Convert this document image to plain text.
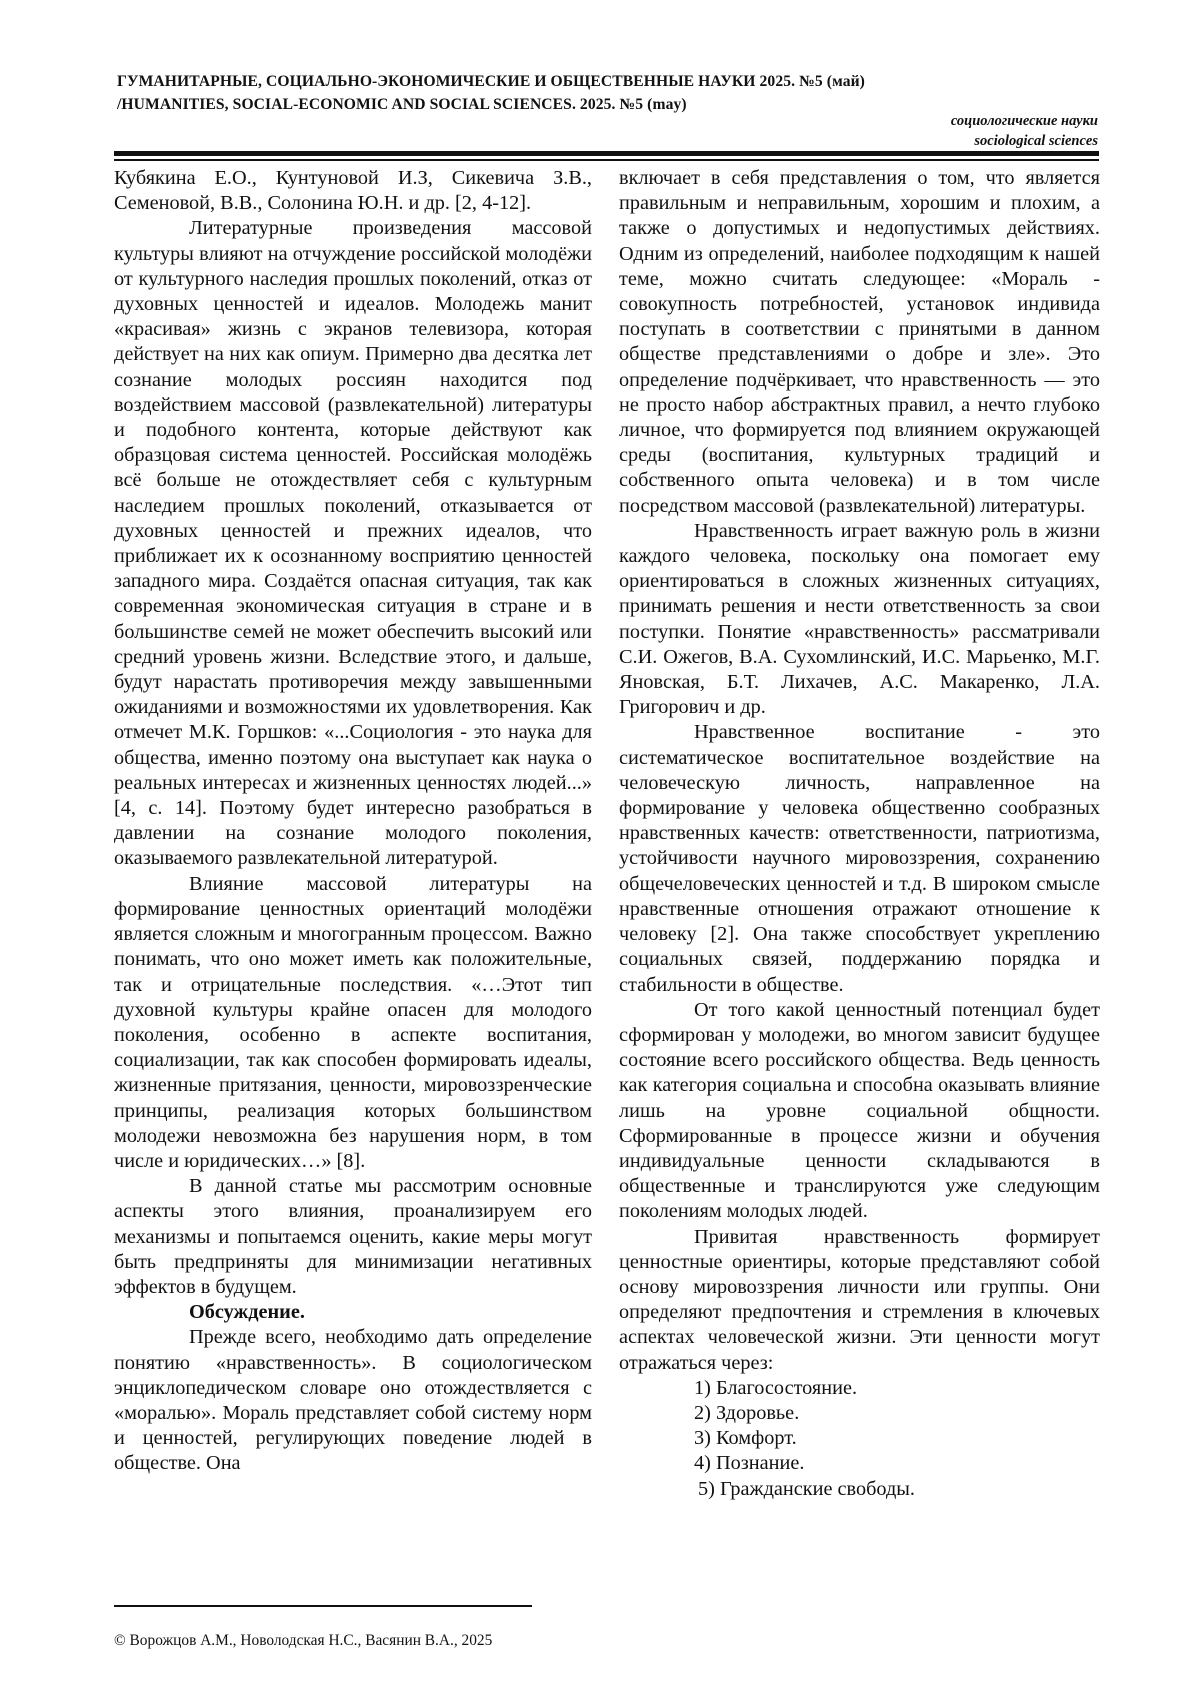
ГУМАНИТАРНЫЕ, СОЦИАЛЬНО-ЭКОНОМИЧЕСКИЕ И ОБЩЕСТВЕННЫЕ НАУКИ 2025. №5 (май)
/HUMANITIES, SOCIAL-ECONOMIC AND SOCIAL SCIENCES. 2025. №5 (may)
социологические науки
sociological sciences

Кубякина Е.О., Кунтуновой И.З, Сикевича З.В., Семеновой, В.В., Солонина Ю.Н. и др. [2, 4-12].

Литературные произведения массовой культуры влияют на отчуждение российской молодёжи от культурного наследия прошлых поколений, отказ от духовных ценностей и идеалов. Молодежь манит «красивая» жизнь с экранов телевизора, которая действует на них как опиум. Примерно два десятка лет сознание молодых россиян находится под воздействием массовой (развлекательной) литературы и подобного контента, которые действуют как образцовая система ценностей. Российская молодёжь всё больше не отождествляет себя с культурным наследием прошлых поколений, отказывается от духовных ценностей и прежних идеалов, что приближает их к осознанному восприятию ценностей западного мира. Создаётся опасная ситуация, так как современная экономическая ситуация в стране и в большинстве семей не может обеспечить высокий или средний уровень жизни. Вследствие этого, и дальше, будут нарастать противоречия между завышенными ожиданиями и возможностями их удовлетворения. Как отмечет М.К. Горшков: «...Социология - это наука для общества, именно поэтому она выступает как наука о реальных интересах и жизненных ценностях людей...» [4, с. 14]. Поэтому будет интересно разобраться в давлении на сознание молодого поколения, оказываемого развлекательной литературой.

Влияние массовой литературы на формирование ценностных ориентаций молодёжи является сложным и многогранным процессом. Важно понимать, что оно может иметь как положительные, так и отрицательные последствия. «…Этот тип духовной культуры крайне опасен для молодого поколения, особенно в аспекте воспитания, социализации, так как способен формировать идеалы, жизненные притязания, ценности, мировоззренческие принципы, реализация которых большинством молодежи невозможна без нарушения норм, в том числе и юридических…» [8].

В данной статье мы рассмотрим основные аспекты этого влияния, проанализируем его механизмы и попытаемся оценить, какие меры могут быть предприняты для минимизации негативных эффектов в будущем.

Обсуждение.

Прежде всего, необходимо дать определение понятию «нравственность». В социологическом энциклопедическом словаре оно отождествляется с «моралью». Мораль представляет собой систему норм и ценностей, регулирующих поведение людей в обществе. Она

включает в себя представления о том, что является правильным и неправильным, хорошим и плохим, а также о допустимых и недопустимых действиях. Одним из определений, наиболее подходящим к нашей теме, можно считать следующее: «Мораль - совокупность потребностей, установок индивида поступать в соответствии с принятыми в данном обществе представлениями о добре и зле». Это определение подчёркивает, что нравственность — это не просто набор абстрактных правил, а нечто глубоко личное, что формируется под влиянием окружающей среды (воспитания, культурных традиций и собственного опыта человека) и в том числе посредством массовой (развлекательной) литературы.

Нравственность играет важную роль в жизни каждого человека, поскольку она помогает ему ориентироваться в сложных жизненных ситуациях, принимать решения и нести ответственность за свои поступки. Понятие «нравственность» рассматривали С.И. Ожегов, В.А. Сухомлинский, И.С. Марьенко, М.Г. Яновская, Б.Т. Лихачев, А.С. Макаренко, Л.А. Григорович и др.

Нравственное воспитание - это систематическое воспитательное воздействие на человеческую личность, направленное на формирование у человека общественно сообразных нравственных качеств: ответственности, патриотизма, устойчивости научного мировоззрения, сохранению общечеловеческих ценностей и т.д. В широком смысле нравственные отношения отражают отношение к человеку [2]. Она также способствует укреплению социальных связей, поддержанию порядка и стабильности в обществе.

От того какой ценностный потенциал будет сформирован у молодежи, во многом зависит будущее состояние всего российского общества. Ведь ценность как категория социальна и способна оказывать влияние лишь на уровне социальной общности. Сформированные в процессе жизни и обучения индивидуальные ценности складываются в общественные и транслируются уже следующим поколениям молодых людей.

Привитая нравственность формирует ценностные ориентиры, которые представляют собой основу мировоззрения личности или группы. Они определяют предпочтения и стремления в ключевых аспектах человеческой жизни. Эти ценности могут отражаться через:

1) Благосостояние.
2) Здоровье.
3) Комфорт.
4) Познание.
5) Гражданские свободы.
© Ворожцов А.М., Новолодская Н.С., Васянин В.А., 2025
